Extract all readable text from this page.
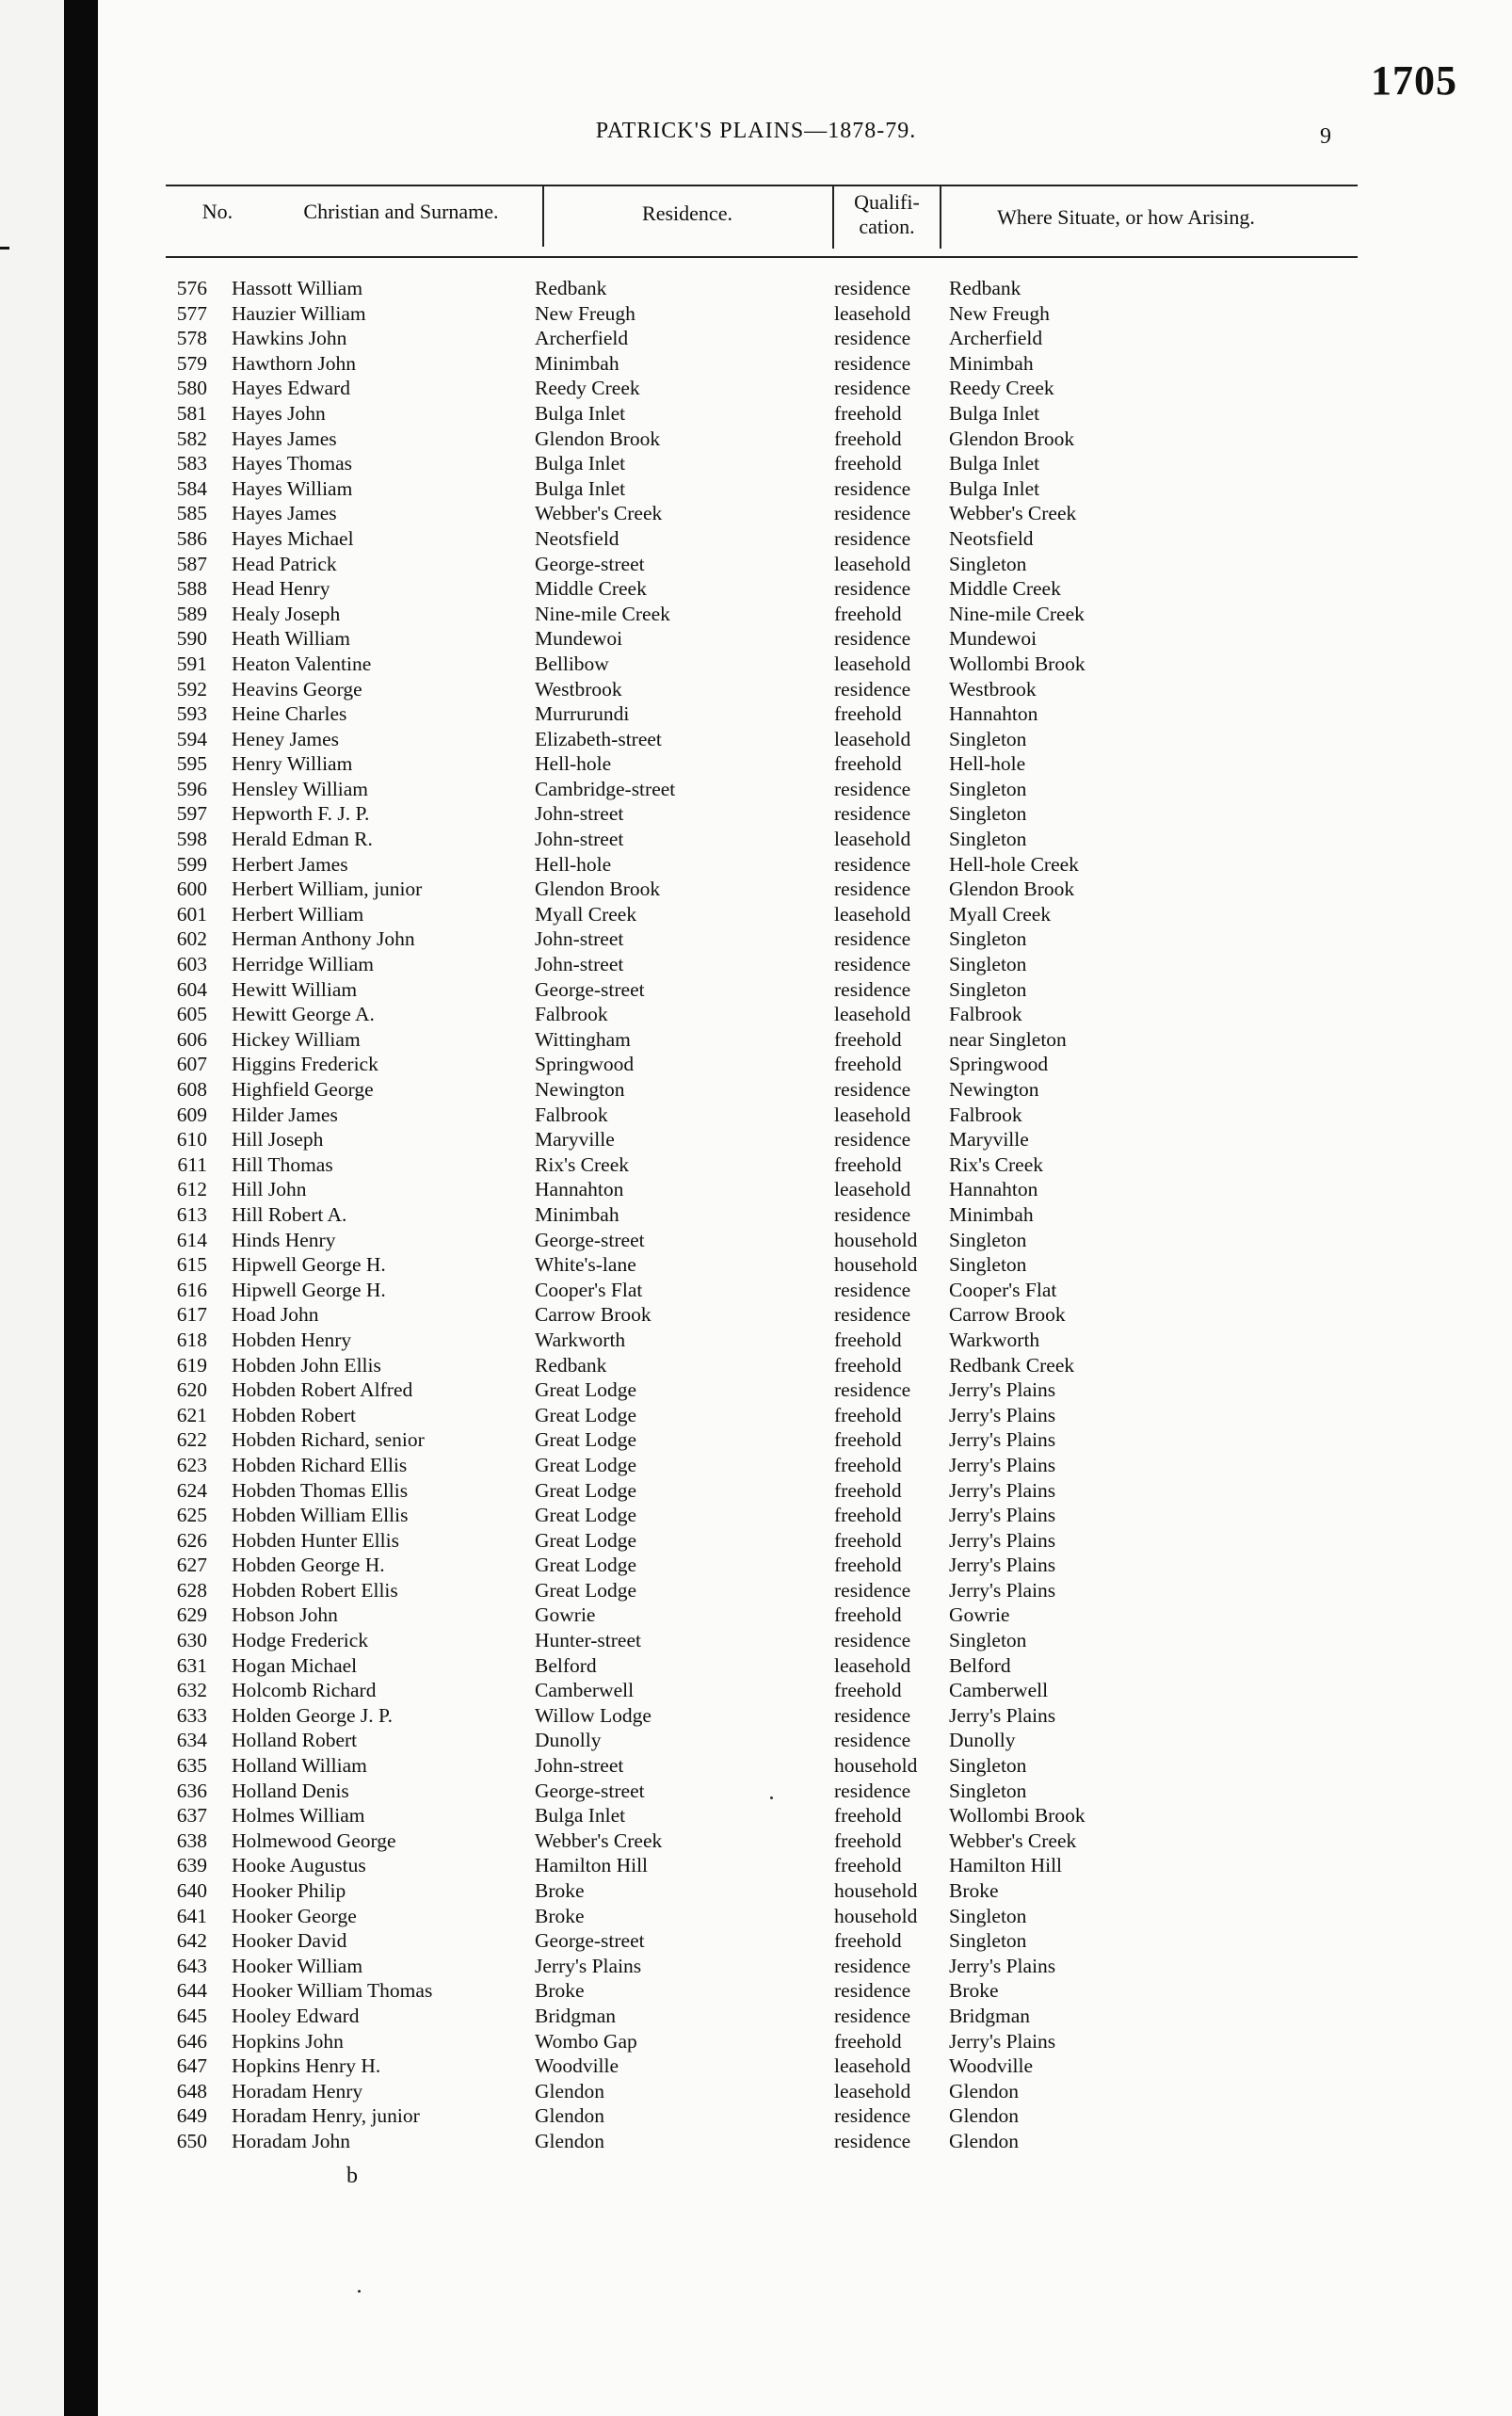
1705
PATRICK'S PLAINS—1878-79.	9
No.	Christian and Surname.	Residence.	Qualifi-
cation.	Where Situate, or how Arising.
576 Hassott William	Redbank	residence Redbank
577 Hauzier William	New Freugh	leasehold New Freugh
578 Hawkins John	Archerfield	residence Archerfield
579 Hawthorn John	Minimbah	residence Minimbah
580 Hayes Edward	Reedy Creek	residence Reedy Creek
581 Hayes John	Bulga Inlet	freehold Bulga Inlet
582 Hayes James	Glendon Brook	freehold Glendon Brook
583 Hayes Thomas	Bulga Inlet	freehold Bulga Inlet
584 Hayes William	Bulga Inlet	residence Bulga Inlet
585 Hayes James	Webber's Creek	residence Webber's Creek
586 Hayes Michael	Neotsfield	residence Neotsfield
587 Head Patrick	George-street	leasehold Singleton
588 Head Henry	Middle Creek	residence Middle Creek
589 Healy Joseph	Nine-mile Creek	freehold Nine-mile Creek
590 Heath William	Mundewoi	residence Mundewoi
591 Heaton Valentine	Bellibow	leasehold Wollombi Brook
592 Heavins George	Westbrook	residence Westbrook
593 Heine Charles	Murrurundi	freehold Hannahton
594 Heney James	Elizabeth-street	leasehold Singleton
595 Henry William	Hell-hole	freehold Hell-hole
596 Hensley William	Cambridge-street	residence Singleton
597 Hepworth F. J. P.	John-street	residence Singleton
598 Herald Edman R.	John-street	leasehold Singleton
599 Herbert James	Hell-hole	residence Hell-hole Creek
600 Herbert William, junior	Glendon Brook	residence Glendon Brook
601 Herbert William	Myall Creek	leasehold Myall Creek
602 Herman Anthony John	John-street	residence Singleton
603 Herridge William	John-street	residence Singleton
604 Hewitt William	George-street	residence Singleton
605 Hewitt George A.	Falbrook	leasehold Falbrook
606 Hickey William	Wittingham	freehold near Singleton
607 Higgins Frederick	Springwood	freehold Springwood
608 Highfield George	Newington	residence Newington
609 Hilder James	Falbrook	leasehold Falbrook
610 Hill Joseph	Maryville	residence Maryville
611 Hill Thomas	Rix's Creek	freehold Rix's Creek
612 Hill John	Hannahton	leasehold Hannahton
613 Hill Robert A.	Minimbah	residence Minimbah
614 Hinds Henry	George-street	household Singleton
615 Hipwell George H.	White's-lane	household Singleton
616 Hipwell George H.	Cooper's Flat	residence Cooper's Flat
617 Hoad John	Carrow Brook	residence Carrow Brook
618 Hobden Henry	Warkworth	freehold Warkworth
619 Hobden John Ellis	Redbank	freehold Redbank Creek
620 Hobden Robert Alfred	Great Lodge	residence Jerry's Plains
621 Hobden Robert	Great Lodge	freehold Jerry's Plains
622 Hobden Richard, senior	Great Lodge	freehold Jerry's Plains
623 Hobden Richard Ellis	Great Lodge	freehold Jerry's Plains
624 Hobden Thomas Ellis	Great Lodge	freehold Jerry's Plains
625 Hobden William Ellis	Great Lodge	freehold Jerry's Plains
626 Hobden Hunter Ellis	Great Lodge	freehold Jerry's Plains
627 Hobden George H.	Great Lodge	freehold Jerry's Plains
628 Hobden Robert Ellis	Great Lodge	residence Jerry's Plains
629 Hobson John	Gowrie	freehold Gowrie
630 Hodge Frederick	Hunter-street	residence Singleton
631 Hogan Michael	Belford	leasehold Belford
632 Holcomb Richard	Camberwell	freehold Camberwell
633 Holden George J. P.	Willow Lodge	residence Jerry's Plains
634 Holland Robert	Dunolly	residence Dunolly
635 Holland William	John-street	household Singleton
636 Holland Denis	George-street	residence Singleton
637 Holmes William	Bulga Inlet	freehold Wollombi Brook
638 Holmewood George	Webber's Creek	freehold Webber's Creek
639 Hooke Augustus	Hamilton Hill	freehold Hamilton Hill
640 Hooker Philip	Broke	household Broke
641 Hooker George	Broke	household Singleton
642 Hooker David	George-street	freehold Singleton
643 Hooker William	Jerry's Plains	residence Jerry's Plains
644 Hooker William Thomas	Broke	residence Broke
645 Hooley Edward	Bridgman	residence Bridgman
646 Hopkins John	Wombo Gap	freehold Jerry's Plains
647 Hopkins Henry H.	Woodville	leasehold Woodville
648 Horadam Henry	Glendon	leasehold Glendon
649 Horadam Henry, junior	Glendon	residence Glendon
650 Horadam John	Glendon	residence Glendon
b
